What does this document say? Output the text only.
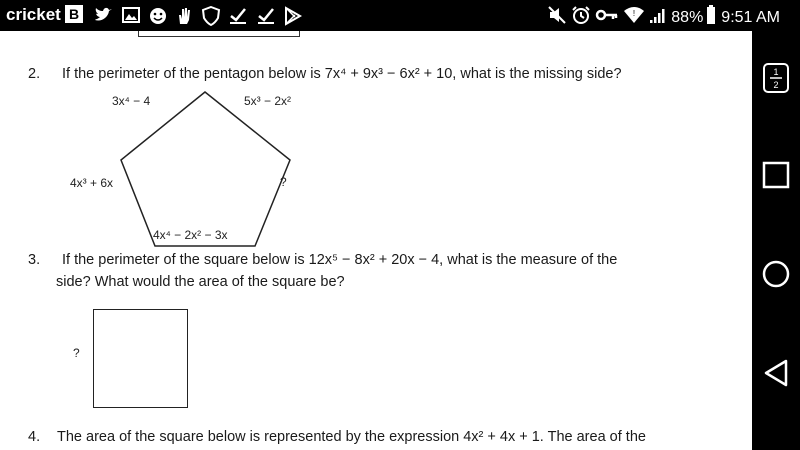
cricket B	! 88% 9:51 AM
2. If the perimeter of the pentagon below is 7x⁴ + 9x³ − 6x² + 10, what is the missing side?
3x⁴ − 4	5x³ − 2x²
4x³ + 6x	?
4x⁴ − 2x² − 3x
3. If the perimeter of the square below is 12x⁵ − 8x² + 20x − 4, what is the measure of the
side? What would the area of the square be?
?
4. The area of the square below is represented by the expression 4x² + 4x + 1. The area of the
1
2
